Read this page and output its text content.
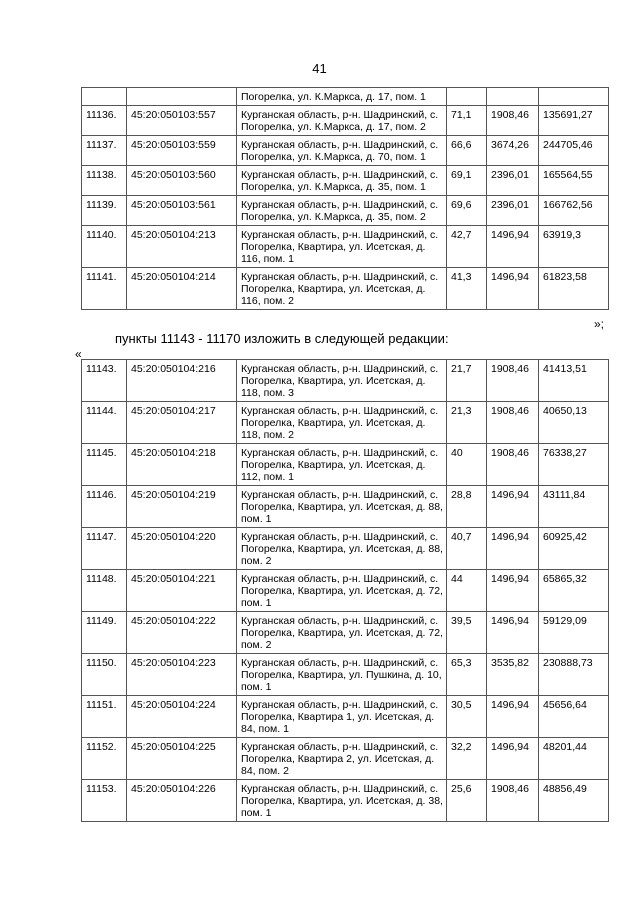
41
		Погорелка, ул. К.Маркса, д. 17, пом. 1			
11136.	45:20:050103:557	Курганская область, р-н. Шадринский, с. Погорелка, ул. К.Маркса, д. 17, пом. 2	71,1	1908,46	135691,27
11137.	45:20:050103:559	Курганская область, р-н. Шадринский, с. Погорелка, ул. К.Маркса, д. 70, пом. 1	66,6	3674,26	244705,46
11138.	45:20:050103:560	Курганская область, р-н. Шадринский, с. Погорелка, ул. К.Маркса, д. 35, пом. 1	69,1	2396,01	165564,55
11139.	45:20:050103:561	Курганская область, р-н. Шадринский, с. Погорелка, ул. К.Маркса, д. 35, пом. 2	69,6	2396,01	166762,56
11140.	45:20:050104:213	Курганская область, р-н. Шадринский, с. Погорелка, Квартира, ул. Исетская, д. 116, пом. 1	42,7	1496,94	63919,3
11141.	45:20:050104:214	Курганская область, р-н. Шадринский, с. Погорелка, Квартира, ул. Исетская, д. 116, пом. 2	41,3	1496,94	61823,58
»;
пункты 11143 - 11170 изложить в следующей редакции:
«
11143.	45:20:050104:216	Курганская область, р-н. Шадринский, с. Погорелка, Квартира, ул. Исетская, д. 118, пом. 3	21,7	1908,46	41413,51
11144.	45:20:050104:217	Курганская область, р-н. Шадринский, с. Погорелка, Квартира, ул. Исетская, д. 118, пом. 2	21,3	1908,46	40650,13
11145.	45:20:050104:218	Курганская область, р-н. Шадринский, с. Погорелка, Квартира, ул. Исетская, д. 112, пом. 1	40	1908,46	76338,27
11146.	45:20:050104:219	Курганская область, р-н. Шадринский, с. Погорелка, Квартира, ул. Исетская, д. 88, пом. 1	28,8	1496,94	43111,84
11147.	45:20:050104:220	Курганская область, р-н. Шадринский, с. Погорелка, Квартира, ул. Исетская, д. 88, пом. 2	40,7	1496,94	60925,42
11148.	45:20:050104:221	Курганская область, р-н. Шадринский, с. Погорелка, Квартира, ул. Исетская, д. 72, пом. 1	44	1496,94	65865,32
11149.	45:20:050104:222	Курганская область, р-н. Шадринский, с. Погорелка, Квартира, ул. Исетская, д. 72, пом. 2	39,5	1496,94	59129,09
11150.	45:20:050104:223	Курганская область, р-н. Шадринский, с. Погорелка, Квартира, ул. Пушкина, д. 10, пом. 1	65,3	3535,82	230888,73
11151.	45:20:050104:224	Курганская область, р-н. Шадринский, с. Погорелка, Квартира 1, ул. Исетская, д. 84, пом. 1	30,5	1496,94	45656,64
11152.	45:20:050104:225	Курганская область, р-н. Шадринский, с. Погорелка, Квартира 2, ул. Исетская, д. 84, пом. 2	32,2	1496,94	48201,44
11153.	45:20:050104:226	Курганская область, р-н. Шадринский, с. Погорелка, Квартира, ул. Исетская, д. 38, пом. 1	25,6	1908,46	48856,49
